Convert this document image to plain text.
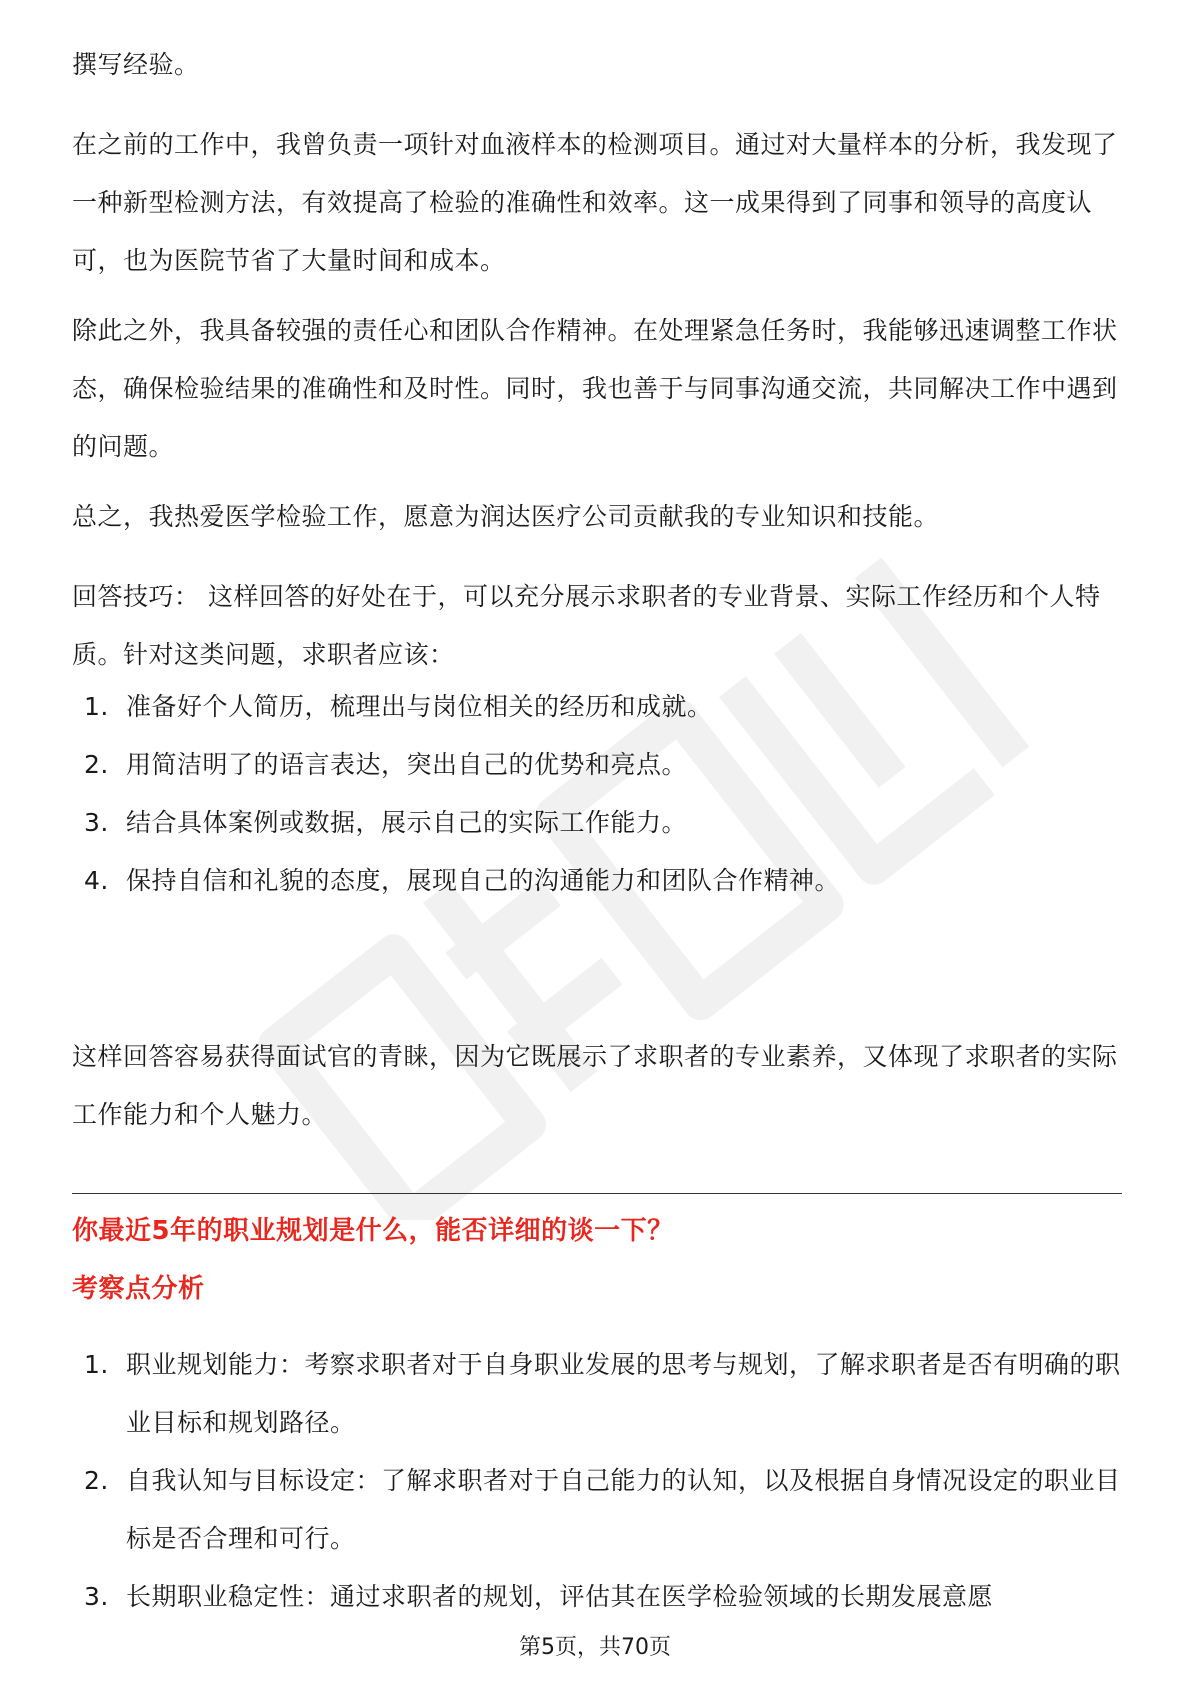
撰写经验。

在之前的工作中，我曾负责一项针对血液样本的检测项目。通过对大量样本的分析，我发现了一种新型检测方法，有效提高了检验的准确性和效率。这一成果得到了同事和领导的高度认可，也为医院节省了大量时间和成本。

除此之外，我具备较强的责任心和团队合作精神。在处理紧急任务时，我能够迅速调整工作状态，确保检验结果的准确性和及时性。同时，我也善于与同事沟通交流，共同解决工作中遇到的问题。

总之，我热爱医学检验工作，愿意为润达医疗公司贡献我的专业知识和技能。

回答技巧： 这样回答的好处在于，可以充分展示求职者的专业背景、实际工作经历和个人特质。针对这类问题，求职者应该：

1. 准备好个人简历，梳理出与岗位相关的经历和成就。
2. 用简洁明了的语言表达，突出自己的优势和亮点。
3. 结合具体案例或数据，展示自己的实际工作能力。
4. 保持自信和礼貌的态度，展现自己的沟通能力和团队合作精神。

这样回答容易获得面试官的青睐，因为它既展示了求职者的专业素养，又体现了求职者的实际工作能力和个人魅力。

你最近5年的职业规划是什么，能否详细的谈一下？
考察点分析
1. 职业规划能力：考察求职者对于自身职业发展的思考与规划，了解求职者是否有明确的职业目标和规划路径。
2. 自我认知与目标设定：了解求职者对于自己能力的认知，以及根据自身情况设定的职业目标是否合理和可行。
3. 长期职业稳定性：通过求职者的规划，评估其在医学检验领域的长期发展意愿
第5页，共70页
